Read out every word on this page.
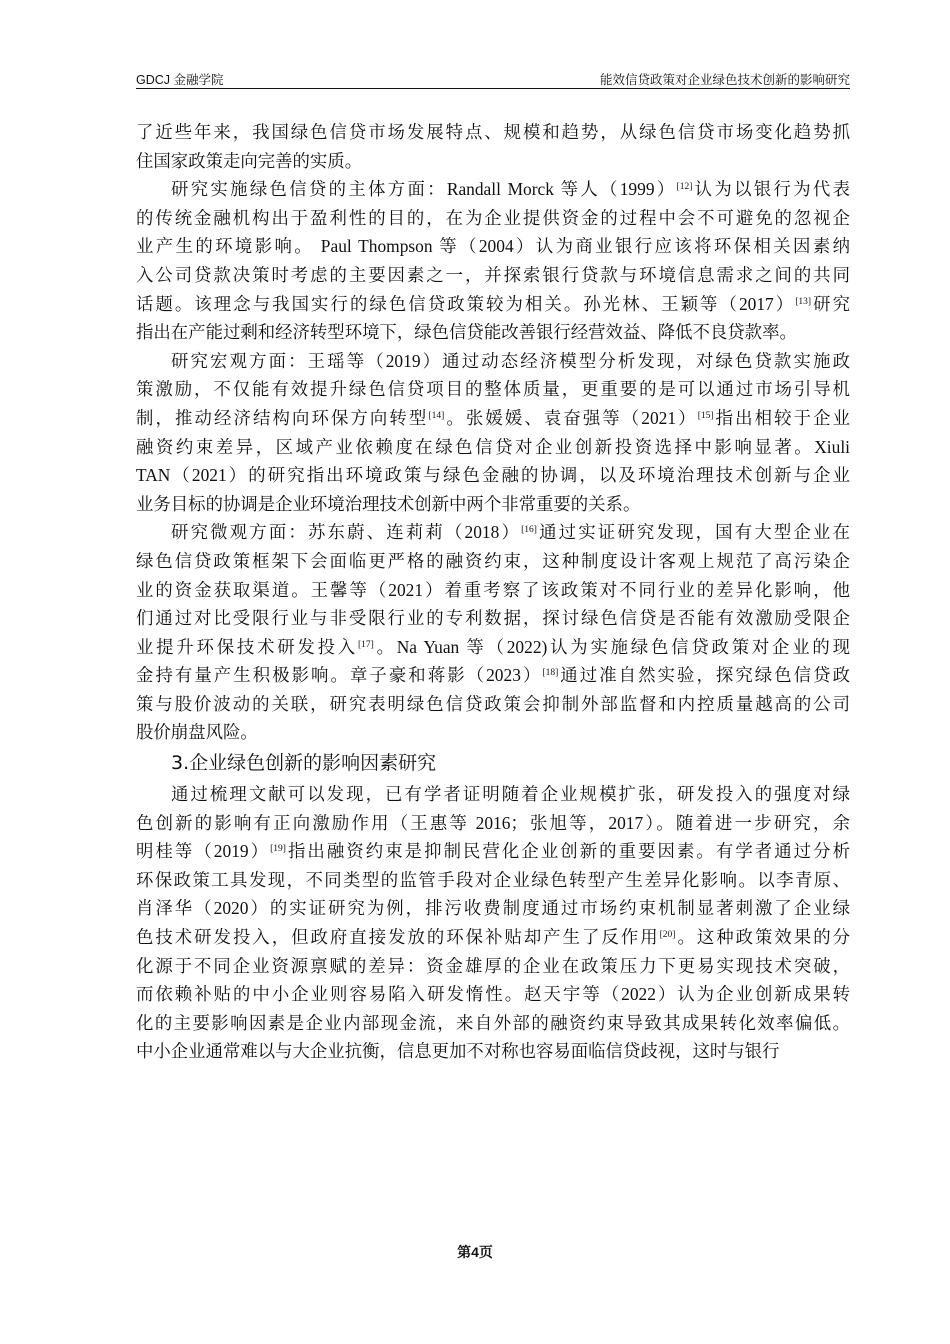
GDCJ 金融学院	能效信贷政策对企业绿色技术创新的影响研究
了近些年来，我国绿色信贷市场发展特点、规模和趋势，从绿色信贷市场变化趋势抓
住国家政策走向完善的实质。
研究实施绿色信贷的主体方面：Randall Morck 等人（1999）[12]认为以银行为代表
的传统金融机构出于盈利性的目的，在为企业提供资金的过程中会不可避免的忽视企
业产生的环境影响。 Paul Thompson 等（2004）认为商业银行应该将环保相关因素纳
入公司贷款决策时考虑的主要因素之一，并探索银行贷款与环境信息需求之间的共同
话题。该理念与我国实行的绿色信贷政策较为相关。孙光林、王颖等（2017）[13]研究
指出在产能过剩和经济转型环境下，绿色信贷能改善银行经营效益、降低不良贷款率。
研究宏观方面：王瑶等（2019）通过动态经济模型分析发现，对绿色贷款实施政
策激励，不仅能有效提升绿色信贷项目的整体质量，更重要的是可以通过市场引导机
制，推动经济结构向环保方向转型[14]。张媛媛、袁奋强等（2021）[15]指出相较于企业
融资约束差异，区域产业依赖度在绿色信贷对企业创新投资选择中影响显著。Xiuli
TAN（2021）的研究指出环境政策与绿色金融的协调，以及环境治理技术创新与企业
业务目标的协调是企业环境治理技术创新中两个非常重要的关系。
研究微观方面：苏东蔚、连莉莉（2018）[16]通过实证研究发现，国有大型企业在
绿色信贷政策框架下会面临更严格的融资约束，这种制度设计客观上规范了高污染企
业的资金获取渠道。王馨等（2021）着重考察了该政策对不同行业的差异化影响，他
们通过对比受限行业与非受限行业的专利数据，探讨绿色信贷是否能有效激励受限企
业提升环保技术研发投入[17]。Na Yuan 等（2022)认为实施绿色信贷政策对企业的现
金持有量产生积极影响。章子豪和蒋影（2023）[18]通过准自然实验，探究绿色信贷政
策与股价波动的关联，研究表明绿色信贷政策会抑制外部监督和内控质量越高的公司
股价崩盘风险。
3.企业绿色创新的影响因素研究
通过梳理文献可以发现，已有学者证明随着企业规模扩张，研发投入的强度对绿
色创新的影响有正向激励作用（王惠等 2016；张旭等，2017）。随着进一步研究，余
明桂等（2019）[19]指出融资约束是抑制民营化企业创新的重要因素。有学者通过分析
环保政策工具发现，不同类型的监管手段对企业绿色转型产生差异化影响。以李青原、
肖泽华（2020）的实证研究为例，排污收费制度通过市场约束机制显著刺激了企业绿
色技术研发投入，但政府直接发放的环保补贴却产生了反作用[20]。这种政策效果的分
化源于不同企业资源禀赋的差异：资金雄厚的企业在政策压力下更易实现技术突破，
而依赖补贴的中小企业则容易陷入研发惰性。赵天宇等（2022）认为企业创新成果转
化的主要影响因素是企业内部现金流，来自外部的融资约束导致其成果转化效率偏低。
中小企业通常难以与大企业抗衡，信息更加不对称也容易面临信贷歧视，这时与银行
第4页
